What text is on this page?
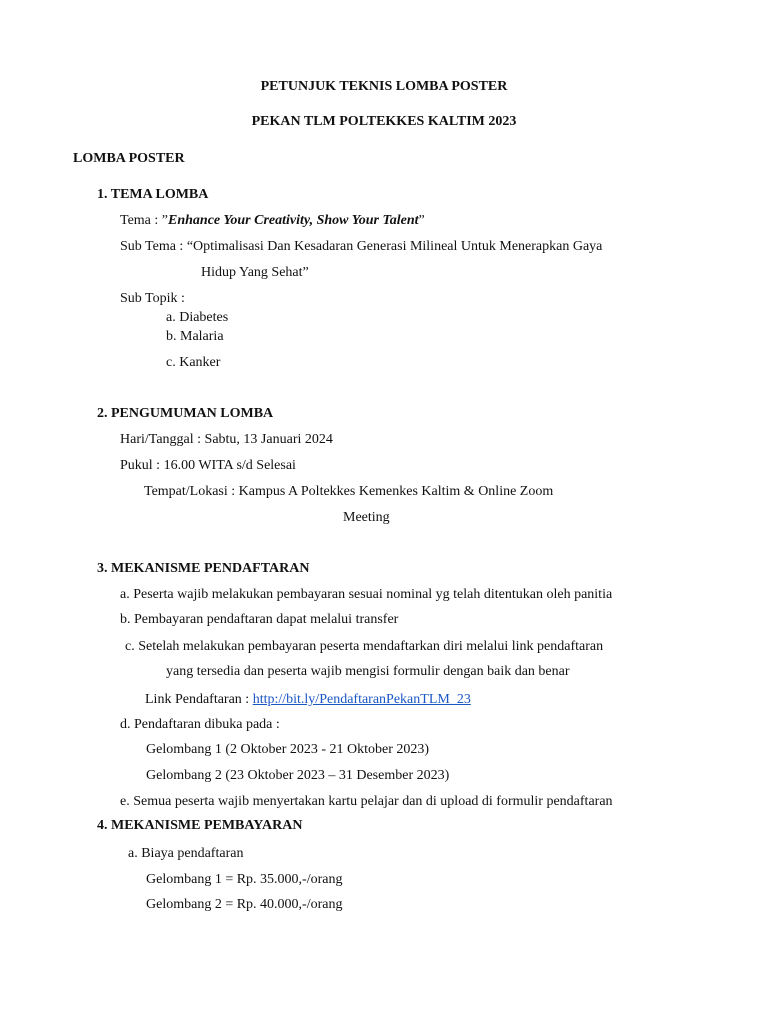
PETUNJUK TEKNIS LOMBA POSTER
PEKAN TLM POLTEKKES KALTIM 2023
LOMBA POSTER
1. TEMA LOMBA
Tema : ”Enhance Your Creativity, Show Your Talent”
Sub Tema : “Optimalisasi Dan Kesadaran Generasi Milineal Untuk Menerapkan Gaya
Hidup Yang Sehat”
Sub Topik :
a. Diabetes
b. Malaria
c. Kanker
2. PENGUMUMAN LOMBA
Hari/Tanggal : Sabtu, 13 Januari 2024
Pukul : 16.00 WITA s/d Selesai
Tempat/Lokasi : Kampus A Poltekkes Kemenkes Kaltim & Online Zoom
Meeting
3. MEKANISME PENDAFTARAN
a. Peserta wajib melakukan pembayaran sesuai nominal yg telah ditentukan oleh panitia
b. Pembayaran pendaftaran dapat melalui transfer
c. Setelah melakukan pembayaran peserta mendaftarkan diri melalui link pendaftaran
yang tersedia dan peserta wajib mengisi formulir dengan baik dan benar
Link Pendaftaran : http://bit.ly/PendaftaranPekanTLM_23
d. Pendaftaran dibuka pada :
Gelombang 1 (2 Oktober 2023 - 21 Oktober 2023)
Gelombang 2 (23 Oktober 2023 – 31 Desember 2023)
e. Semua peserta wajib menyertakan kartu pelajar dan di upload di formulir pendaftaran
4. MEKANISME PEMBAYARAN
a. Biaya pendaftaran
Gelombang 1 = Rp. 35.000,-/orang
Gelombang 2 = Rp. 40.000,-/orang
